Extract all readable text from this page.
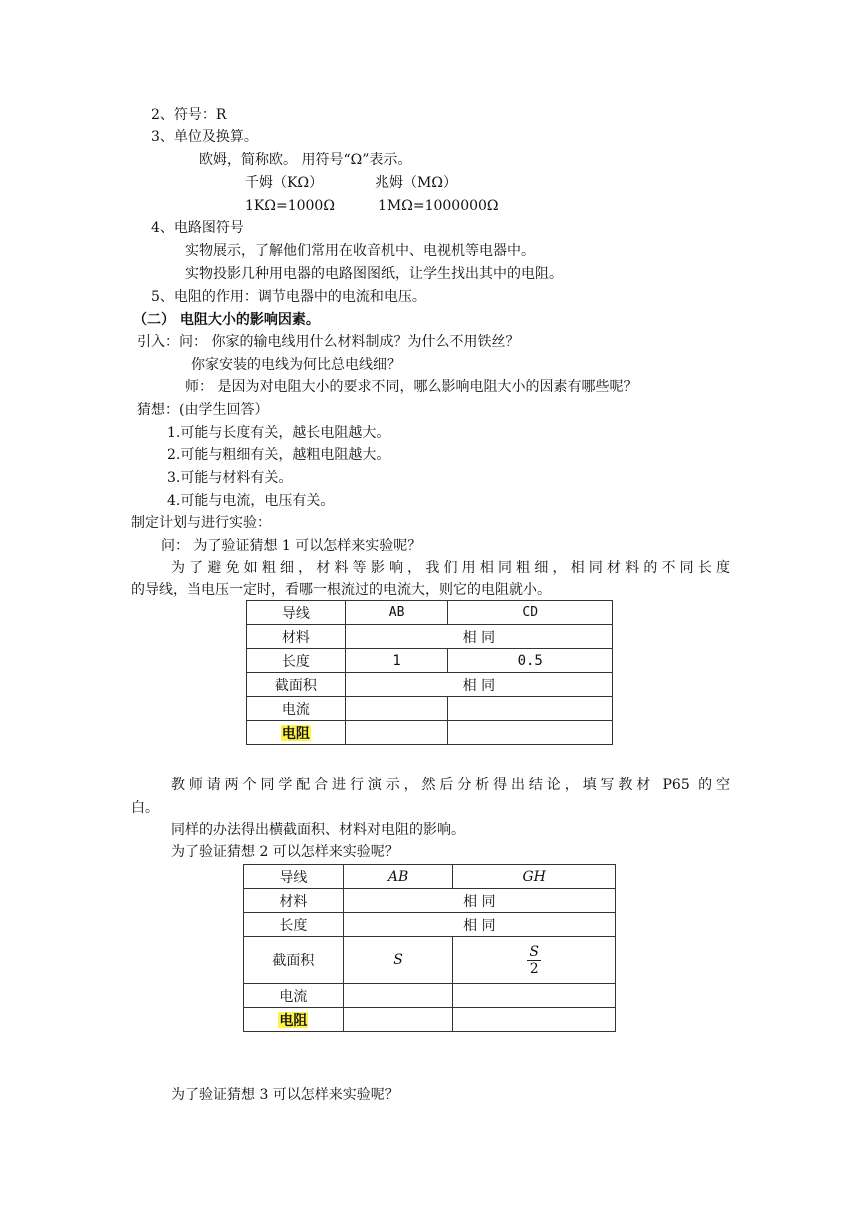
2、符号：R
3、单位及换算。
欧姆，简称欧。 用符号“Ω”表示。
千姆（KΩ）	兆姆（MΩ）
1KΩ=1000Ω	1MΩ=1000000Ω
4、电路图符号
实物展示，了解他们常用在收音机中、电视机等电器中。
实物投影几种用电器的电路图图纸，让学生找出其中的电阻。
5、电阻的作用：调节电器中的电流和电压。
（二） 电阻大小的影响因素。
引入：问： 你家的输电线用什么材料制成？为什么不用铁丝？
你家安装的电线为何比总电线细？
师： 是因为对电阻大小的要求不同，哪么影响电阻大小的因素有哪些呢？
猜想：(由学生回答）
1.可能与长度有关，越长电阻越大。
2.可能与粗细有关，越粗电阻越大。
3.可能与材料有关。
4.可能与电流，电压有关。
制定计划与进行实验：
问： 为了验证猜想 1 可以怎样来实验呢？
为了避免如粗细，材料等影响，我们用相同粗细，相同材料的不同长度
的导线，当电压一定时，看哪一根流过的电流大，则它的电阻就小。
导线	AB	CD
材料	相 同	
长度	1	0.5
截面积	相 同	
电流		
电阻		
教师请两个同学配合进行演示，然后分析得出结论，填写教材 P65 的空
白。
同样的办法得出横截面积、材料对电阻的影响。
为了验证猜想 2 可以怎样来实验呢？
导线	AB	GH
材料	相 同	
长度	相 同	
截面积	S	$\frac{S}{2}$

电流		
电阻		
为了验证猜想 3 可以怎样来实验呢？
